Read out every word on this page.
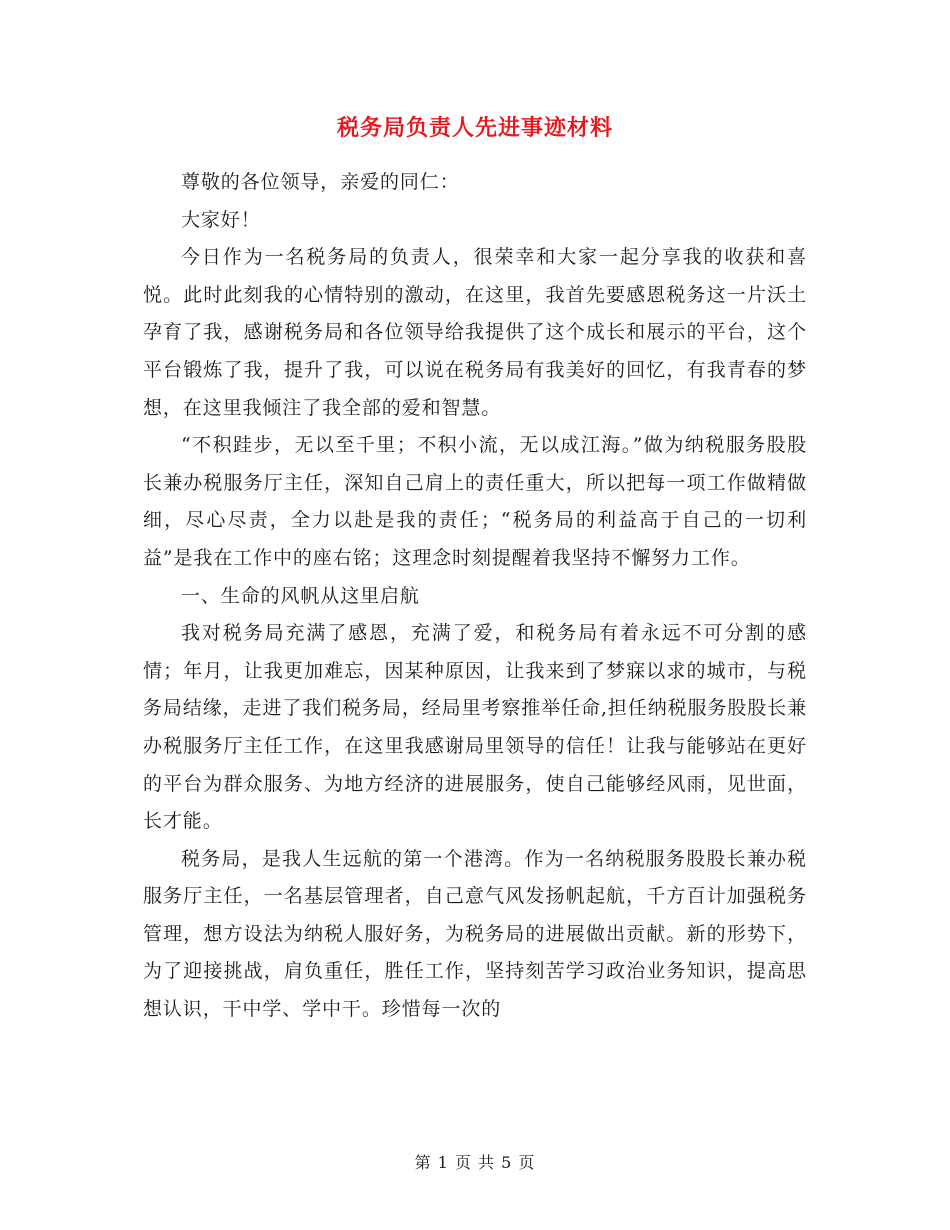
税务局负责人先进事迹材料

尊敬的各位领导，亲爱的同仁：

大家好！

今日作为一名税务局的负责人，很荣幸和大家一起分享我的收获和喜悦。此时此刻我的心情特别的激动，在这里，我首先要感恩税务这一片沃土孕育了我，感谢税务局和各位领导给我提供了这个成长和展示的平台，这个平台锻炼了我，提升了我，可以说在税务局有我美好的回忆，有我青春的梦想，在这里我倾注了我全部的爱和智慧。

“不积跬步，无以至千里；不积小流，无以成江海。”做为纳税服务股股长兼办税服务厅主任，深知自己肩上的责任重大，所以把每一项工作做精做细，尽心尽责，全力以赴是我的责任；“税务局的利益高于自己的一切利益”是我在工作中的座右铭；这理念时刻提醒着我坚持不懈努力工作。

一、生命的风帆从这里启航

我对税务局充满了感恩，充满了爱，和税务局有着永远不可分割的感情；年月，让我更加难忘，因某种原因，让我来到了梦寐以求的城市，与税务局结缘，走进了我们税务局，经局里考察推举任命,担任纳税服务股股长兼办税服务厅主任工作，在这里我感谢局里领导的信任！让我与能够站在更好的平台为群众服务、为地方经济的进展服务，使自己能够经风雨，见世面，长才能。

税务局，是我人生远航的第一个港湾。作为一名纳税服务股股长兼办税服务厅主任，一名基层管理者，自己意气风发扬帆起航，千方百计加强税务管理，想方设法为纳税人服好务，为税务局的进展做出贡献。新的形势下，为了迎接挑战，肩负重任，胜任工作，坚持刻苦学习政治业务知识，提高思想认识，干中学、学中干。珍惜每一次的

第 1 页 共 5 页
